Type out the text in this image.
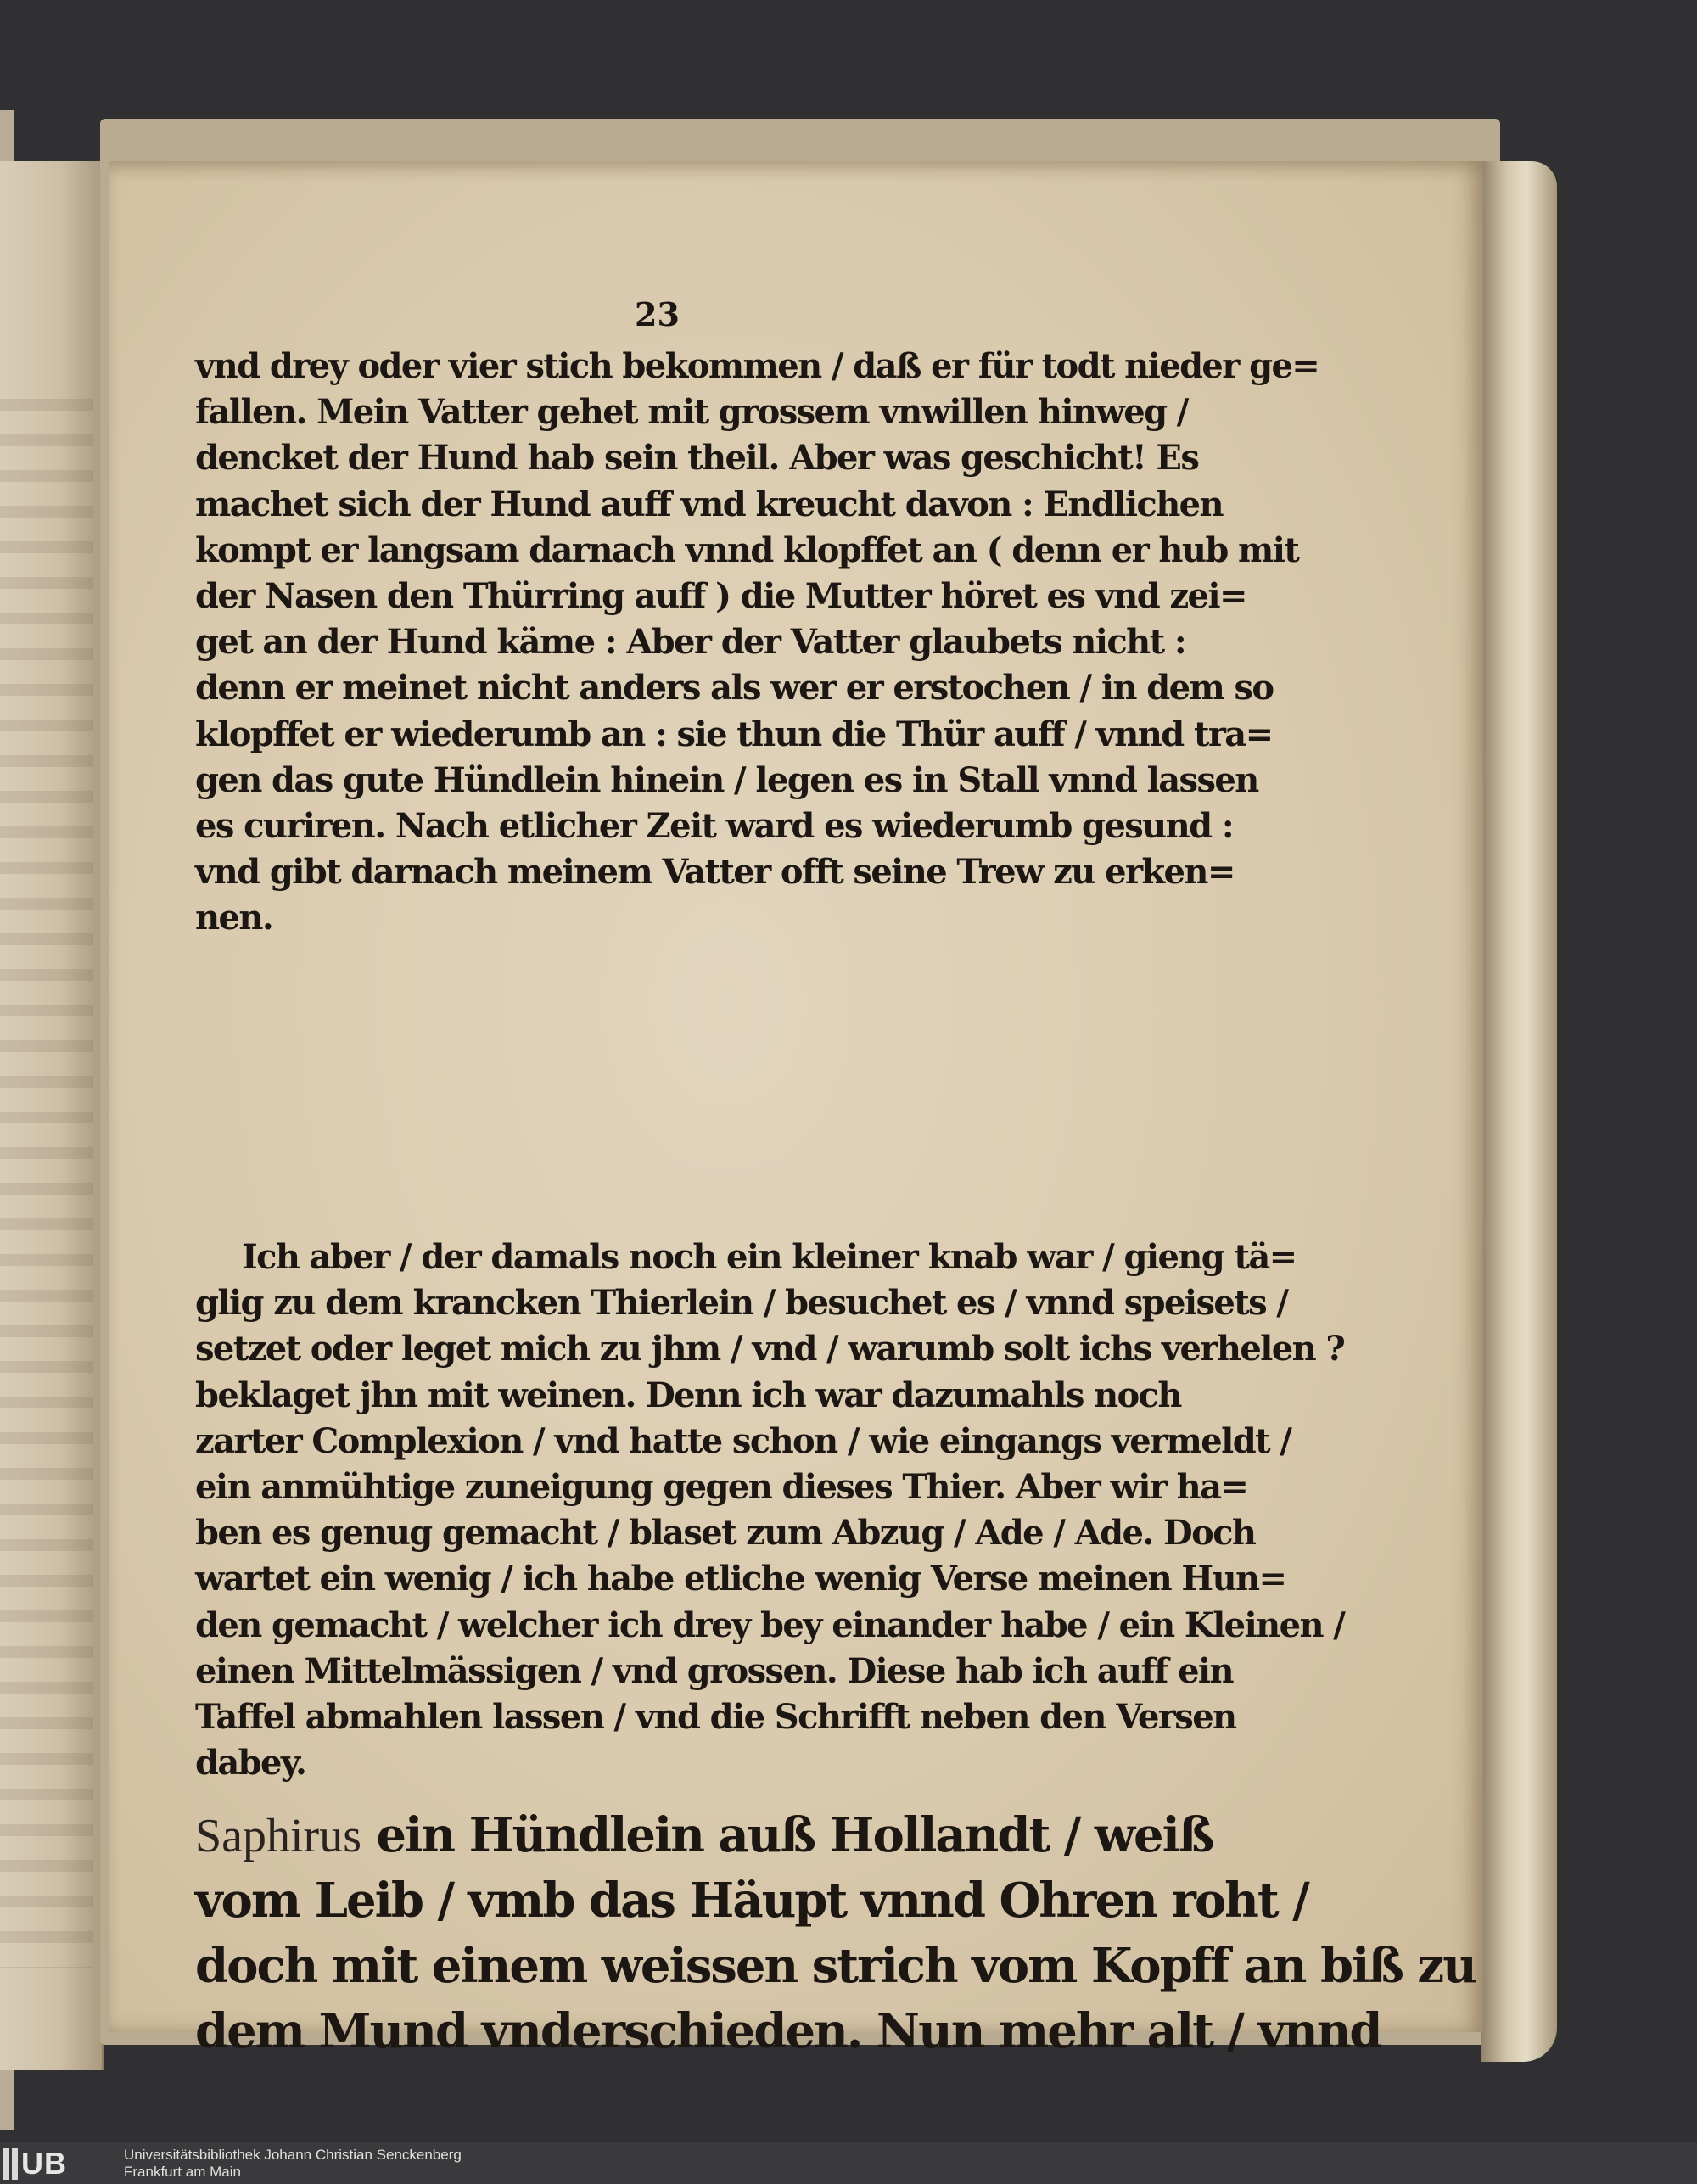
23
vnd drey oder vier stich bekommen / daß er für todt nieder ge=
fallen. Mein Vatter gehet mit grossem vnwillen hinweg /
dencket der Hund hab sein theil. Aber was geschicht! Es
machet sich der Hund auff vnd kreucht davon : Endlichen
kompt er langsam darnach vnnd klopffet an ( denn er hub mit
der Nasen den Thürring auff ) die Mutter höret es vnd zei=
get an der Hund käme : Aber der Vatter glaubets nicht :
denn er meinet nicht anders als wer er erstochen / in dem so
klopffet er wiederumb an : sie thun die Thür auff / vnnd tra=
gen das gute Hündlein hinein / legen es in Stall vnnd lassen
es curiren. Nach etlicher Zeit ward es wiederumb gesund :
vnd gibt darnach meinem Vatter offt seine Trew zu erken=
nen.
Ich aber / der damals noch ein kleiner knab war / gieng tä=
glig zu dem krancken Thierlein / besuchet es / vnnd speisets /
setzet oder leget mich zu jhm / vnd / warumb solt ichs verhelen ?
beklaget jhn mit weinen. Denn ich war dazumahls noch
zarter Complexion / vnd hatte schon / wie eingangs vermeldt /
ein anmühtige zuneigung gegen dieses Thier. Aber wir ha=
ben es genug gemacht / blaset zum Abzug / Ade / Ade. Doch
wartet ein wenig / ich habe etliche wenig Verse meinen Hun=
den gemacht / welcher ich drey bey einander habe / ein Kleinen /
einen Mittelmässigen / vnd grossen. Diese hab ich auff ein
Taffel abmahlen lassen / vnd die Schrifft neben den Versen
dabey.
Saphirus ein Hündlein auß Hollandt / weiß
vom Leib / vmb das Häupt vnnd Ohren roht /
doch mit einem weissen strich vom Kopff an biß zu
dem Mund vnderschieden. Nun mehr alt / vnnd
UB	Universitätsbibliothek Johann Christian Senckenberg
Frankfurt am Main
